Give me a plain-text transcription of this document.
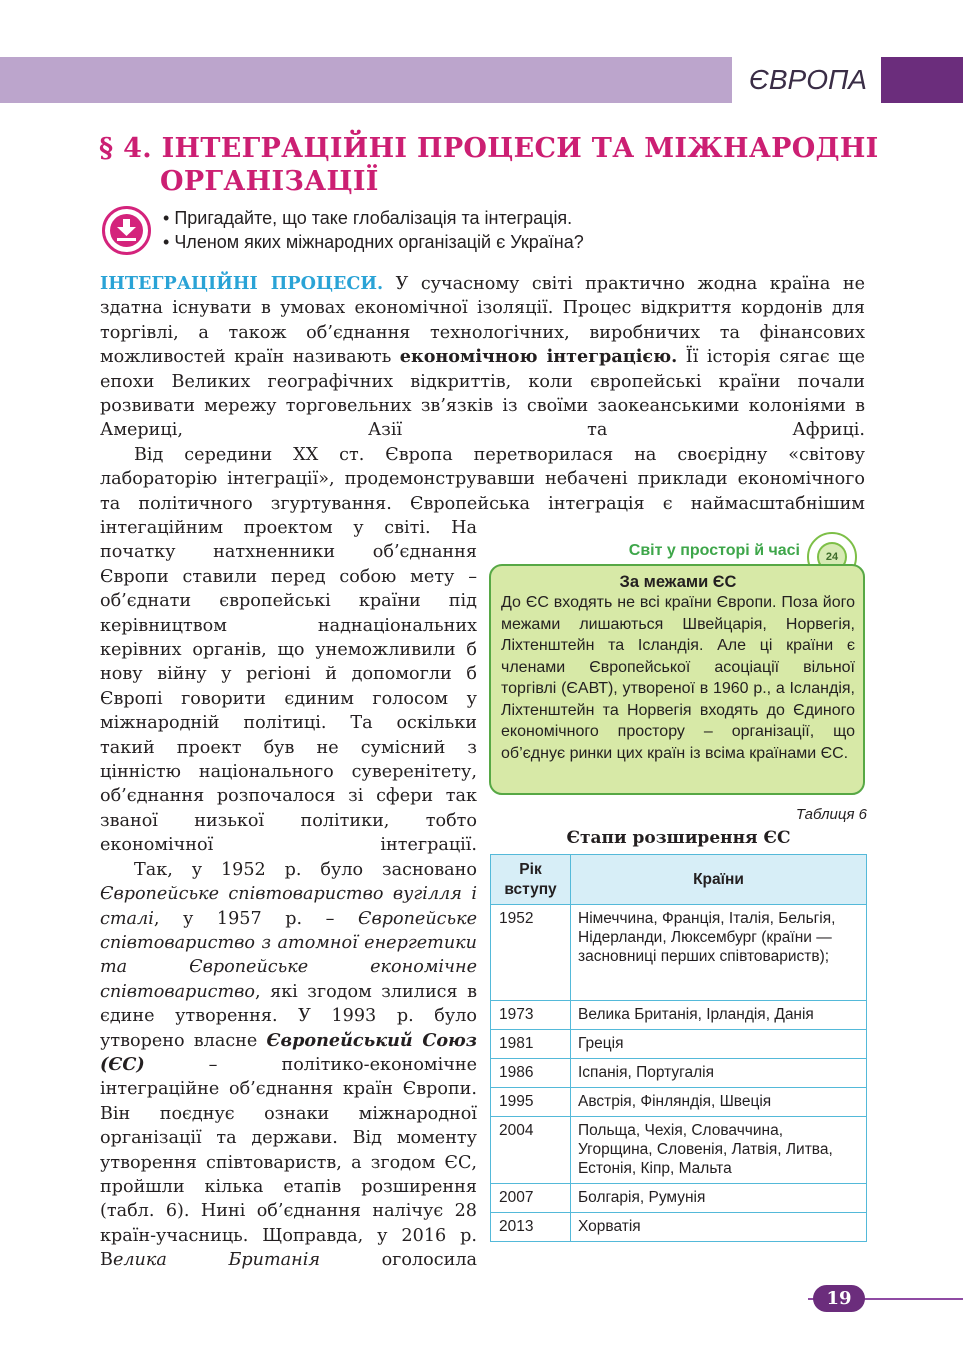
ЄВРОПА
§ 4. ІНТЕГРАЦІЙНІ ПРОЦЕСИ ТА МІЖНАРОДНІ
ОРГАНІЗАЦІЇ
• Пригадайте, що таке глобалізація та інтеграція.
• Членом яких міжнародних організацій є Україна?

ІНТЕГРАЦІЙНІ ПРОЦЕСИ. У сучасному світі практично жодна країна не здатна існувати в умовах економічної ізоляції. Процес відкриття кордонів для торгівлі, а також об’єднання технологічних, виробничих та фінансових можливостей країн називають економічною інтеграцією. Її історія сягає ще епохи Великих географічних відкриттів, коли європейські країни почали розвивати мережу торговельних зв’язків із своїми заокеанськими колоніями в Америці, Азії та Африці.

Від середини ХХ ст. Європа перетворилася на своєрідну «світову лабораторію інтеграції», продемонструвавши небачені приклади економічного та політичного згуртування. Європейська інтеграція є наймасштабнішим

інтегаційним проектом у світі. На початку натхненники об’єднання Європи ставили перед собою мету – об’єднати європейські країни під керівництвом наднаціональних керівних органів, що унеможливили б нову війну у регіоні й допомогли б Європі говорити єдиним голосом у міжнародній політиці. Та оскільки такий проект був не сумісний з цінністю національного суверенітету, об’єднання розпочалося зі сфери так званої низької політики, тобто економічної інтеграції.

Так, у 1952 р. було засновано Європейське співтовариство вугілля і сталі, у 1957 р. – Європейське співтовариство з атомної енергетики та Європейське економічне співтовариство, які згодом злилися в єдине утворення. У 1993 р. було утворено власне Європейський Союз (ЄС) – політико-економічне інтеграційне об’єднання країн Європи. Він поєднує ознаки міжнародної організації та держави. Від моменту утворення співтовариств, а згодом ЄС, пройшли кілька етапів розширення (табл. 6). Нині об’єднання налічує 28 країн-учасниць. Щоправда, у 2016 р. Велика Британія оголосила

Світ у просторі й часі	24
За межами ЄС
До ЄС входять не всі країни Європи. Поза його межами лишаються Швейцарія, Норвегія, Ліхтенштейн та Ісландія. Але ці країни є членами Європейської асоціації вільної торгівлі (ЄАВТ), утвореної в 1960 р., а Ісландія, Ліхтенштейн та Норвегія входять до Єдиного економічного простору – організації, що об’єднує ринки цих країн із всіма країнами ЄС.
Таблиця 6
Єтапи розширення ЄС
Рік вступу	Країни
1952	Німеччина, Франція, Італія, Бельгія, Нідерланди, Люксембург (країни — засновниці перших співтовариств);
1973	Велика Британія, Ірландія, Данія
1981	Греція
1986	Іспанія, Португалія
1995	Австрія, Фінляндія, Швеція
2004	Польща, Чехія, Словаччина, Угорщина, Словенія, Латвія, Литва, Естонія, Кіпр, Мальта
2007	Болгарія, Румунія
2013	Хорватія
19
